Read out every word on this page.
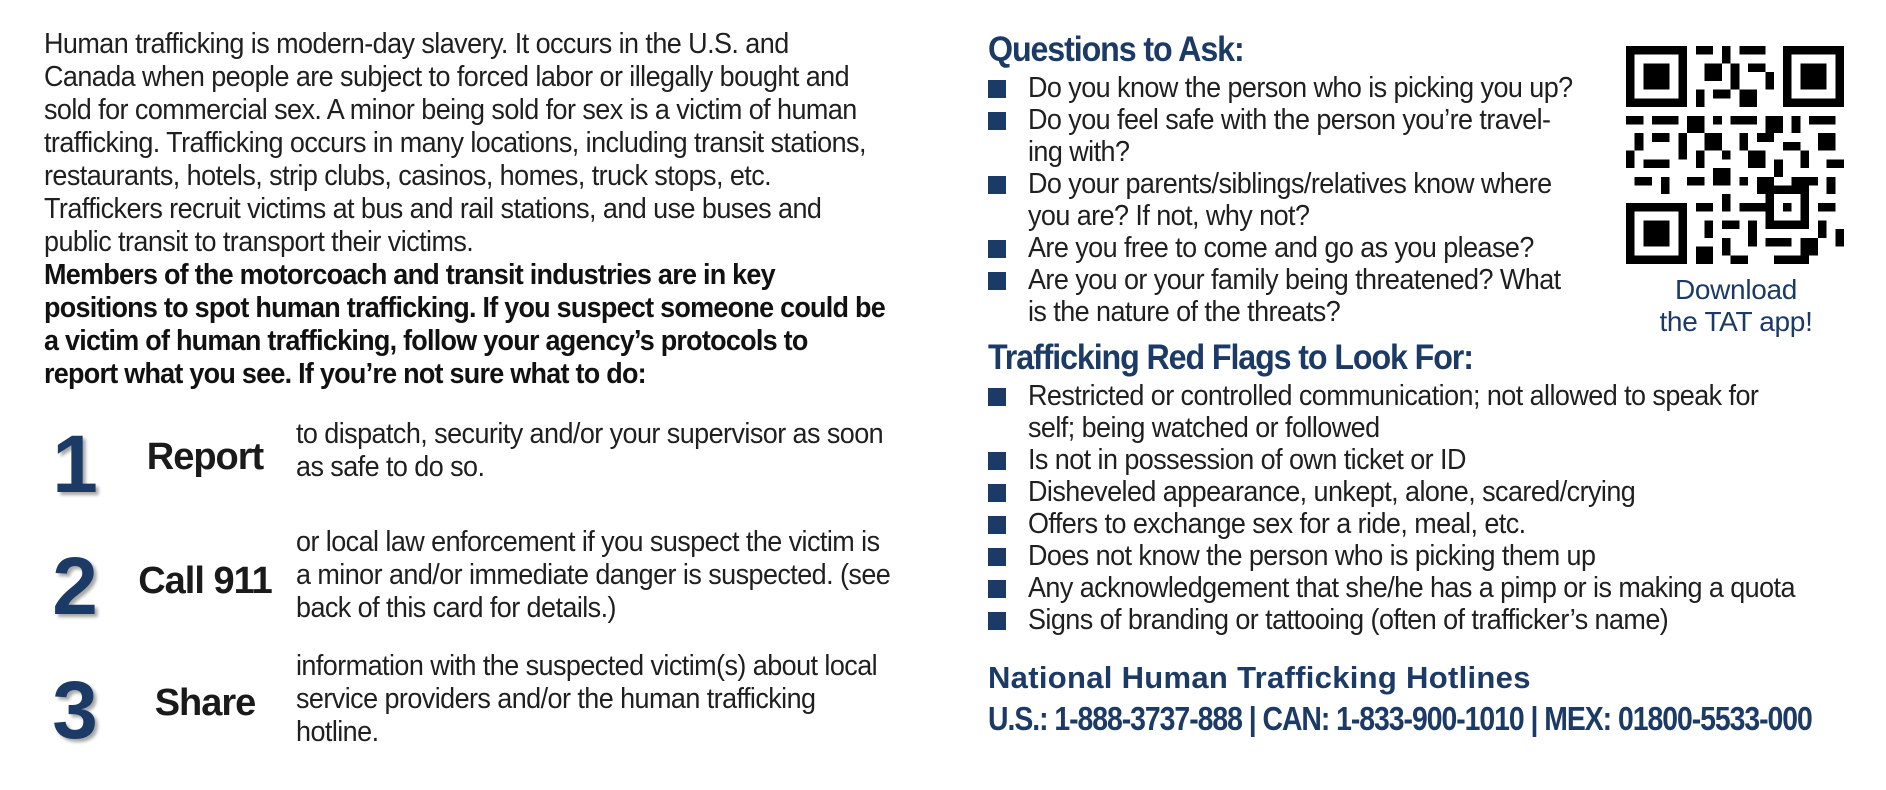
Human trafficking is modern-day slavery. It occurs in the U.S. and Canada when people are subject to forced labor or illegally bought and sold for commercial sex. A minor being sold for sex is a victim of human trafficking. Trafficking occurs in many locations, including transit stations, restaurants, hotels, strip clubs, casinos, homes, truck stops, etc. Traffickers recruit victims at bus and rail stations, and use buses and public transit to transport their victims.

Members of the motorcoach and transit industries are in key positions to spot human trafficking. If you suspect someone could be a victim of human trafficking, follow your agency’s protocols to report what you see. If you’re not sure what to do:

1	Report
to dispatch, security and/or your supervisor as soon as safe to do so.
2 Call 911
or local law enforcement if you suspect the victim is a minor and/or immediate danger is suspected. (see back of this card for details.)
3	Share
information with the suspected victim(s) about local service providers and/or the human trafficking hotline.
Questions to Ask:
Do you know the person who is picking you up?
Do you feel safe with the person you’re travel-ing with?
Do your parents/siblings/relatives know where you are? If not, why not?
Are you free to come and go as you please?
Are you or your family being threatened? What is the nature of the threats?
Trafficking Red Flags to Look For:
Restricted or controlled communication; not allowed to speak for self; being watched or followed
Is not in possession of own ticket or ID
Disheveled appearance, unkept, alone, scared/crying
Offers to exchange sex for a ride, meal, etc.
Does not know the person who is picking them up
Any acknowledgement that she/he has a pimp or is making a quota
Signs of branding or tattooing (often of trafficker’s name)
Download
the TAT app!
National Human Trafficking Hotlines
U.S.: 1-888-3737-888 | CAN: 1-833-900-1010 | MEX: 01800-5533-000
